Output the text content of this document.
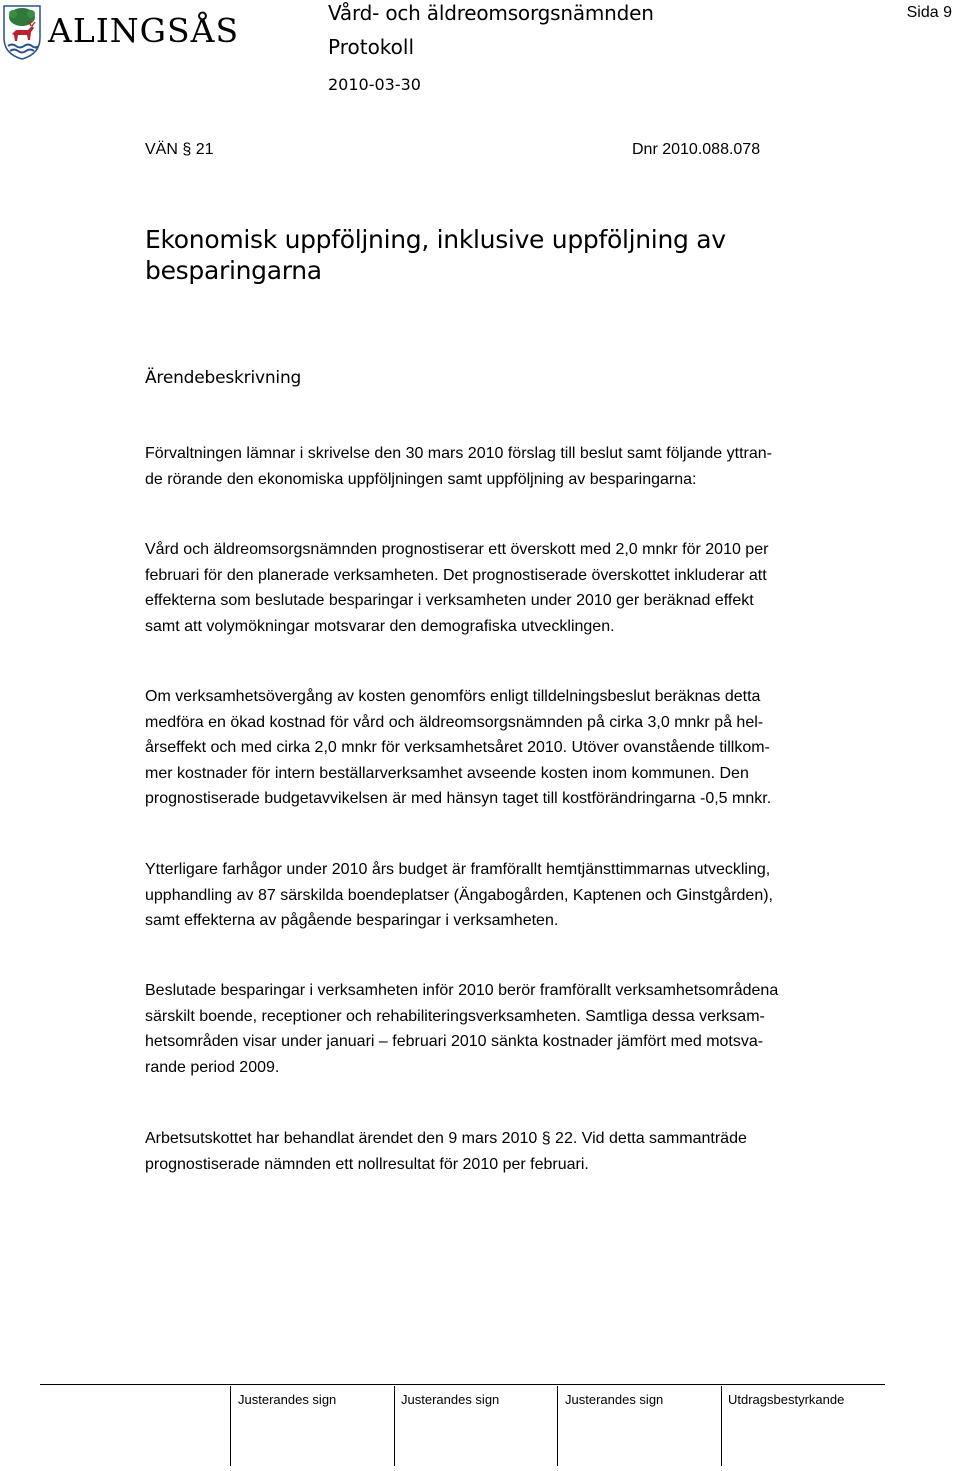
ALINGSÅS	Vård- och äldreomsorgsnämnden
Protokoll
2010-03-30
Sida 9
VÄN § 21	Dnr 2010.088.078
Ekonomisk uppföljning, inklusive uppföljning av
besparingarna
Ärendebeskrivning
Förvaltningen lämnar i skrivelse den 30 mars 2010 förslag till beslut samt följande yttran-
de rörande den ekonomiska uppföljningen samt uppföljning av besparingarna:
Vård och äldreomsorgsnämnden prognostiserar ett överskott med 2,0 mnkr för 2010 per
februari för den planerade verksamheten. Det prognostiserade överskottet inkluderar att
effekterna som beslutade besparingar i verksamheten under 2010 ger beräknad effekt
samt att volymökningar motsvarar den demografiska utvecklingen.
Om verksamhetsövergång av kosten genomförs enligt tilldelningsbeslut beräknas detta
medföra en ökad kostnad för vård och äldreomsorgsnämnden på cirka 3,0 mnkr på hel-
årseffekt och med cirka 2,0 mnkr för verksamhetsåret 2010. Utöver ovanstående tillkom-
mer kostnader för intern beställarverksamhet avseende kosten inom kommunen. Den
prognostiserade budgetavvikelsen är med hänsyn taget till kostförändringarna -0,5 mnkr.
Ytterligare farhågor under 2010 års budget är framförallt hemtjänsttimmarnas utveckling,
upphandling av 87 särskilda boendeplatser (Ängabogården, Kaptenen och Ginstgården),
samt effekterna av pågående besparingar i verksamheten.
Beslutade besparingar i verksamheten inför 2010 berör framförallt verksamhetsområdena
särskilt boende, receptioner och rehabiliteringsverksamheten. Samtliga dessa verksam-
hetsområden visar under januari – februari 2010 sänkta kostnader jämfört med motsva-
rande period 2009.
Arbetsutskottet har behandlat ärendet den 9 mars 2010 § 22. Vid detta sammanträde
prognostiserade nämnden ett nollresultat för 2010 per februari.
Justerandes sign	Justerandes sign	Justerandes sign	Utdragsbestyrkande
